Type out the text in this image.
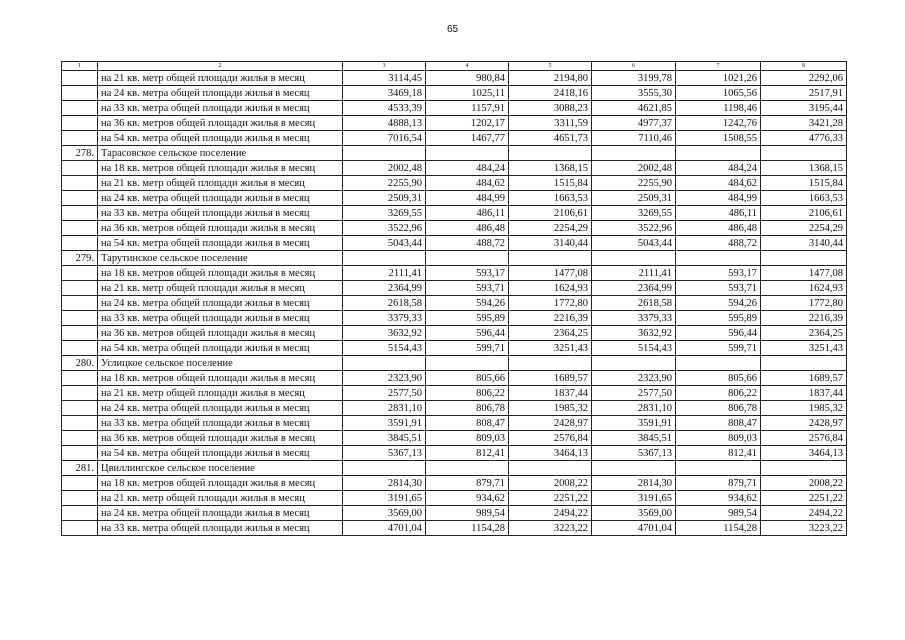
65
1	2	3	4	5	6	7	8
	на 21 кв. метр общей площади жилья в месяц	3114,45	980,84	2194,80	3199,78	1021,26	2292,06
	на 24 кв. метра общей площади жилья в месяц	3469,18	1025,11	2418,16	3555,30	1065,56	2517,91
	на 33 кв. метра общей площади жилья в месяц	4533,39	1157,91	3088,23	4621,85	1198,46	3195,44
	на 36 кв. метров общей площади жилья в месяц	4888,13	1202,17	3311,59	4977,37	1242,76	3421,28
	на 54 кв. метра общей площади жилья в месяц	7016,54	1467,77	4651,73	7110,46	1508,55	4776,33
278.	Тарасовское сельское поселение						
	на 18 кв. метров общей площади жилья в месяц	2002,48	484,24	1368,15	2002,48	484,24	1368,15
	на 21 кв. метр общей площади жилья в месяц	2255,90	484,62	1515,84	2255,90	484,62	1515,84
	на 24 кв. метра общей площади жилья в месяц	2509,31	484,99	1663,53	2509,31	484,99	1663,53
	на 33 кв. метра общей площади жилья в месяц	3269,55	486,11	2106,61	3269,55	486,11	2106,61
	на 36 кв. метров общей площади жилья в месяц	3522,96	486,48	2254,29	3522,96	486,48	2254,29
	на 54 кв. метра общей площади жилья в месяц	5043,44	488,72	3140,44	5043,44	488,72	3140,44
279.	Тарутинское сельское поселение						
	на 18 кв. метров общей площади жилья в месяц	2111,41	593,17	1477,08	2111,41	593,17	1477,08
	на 21 кв. метр общей площади жилья в месяц	2364,99	593,71	1624,93	2364,99	593,71	1624,93
	на 24 кв. метра общей площади жилья в месяц	2618,58	594,26	1772,80	2618,58	594,26	1772,80
	на 33 кв. метра общей площади жилья в месяц	3379,33	595,89	2216,39	3379,33	595,89	2216,39
	на 36 кв. метров общей площади жилья в месяц	3632,92	596,44	2364,25	3632,92	596,44	2364,25
	на 54 кв. метра общей площади жилья в месяц	5154,43	599,71	3251,43	5154,43	599,71	3251,43
280.	Углицкое сельское поселение						
	на 18 кв. метров общей площади жилья в месяц	2323,90	805,66	1689,57	2323,90	805,66	1689,57
	на 21 кв. метр общей площади жилья в месяц	2577,50	806,22	1837,44	2577,50	806,22	1837,44
	на 24 кв. метра общей площади жилья в месяц	2831,10	806,78	1985,32	2831,10	806,78	1985,32
	на 33 кв. метра общей площади жилья в месяц	3591,91	808,47	2428,97	3591,91	808,47	2428,97
	на 36 кв. метров общей площади жилья в месяц	3845,51	809,03	2576,84	3845,51	809,03	2576,84
	на 54 кв. метра общей площади жилья в месяц	5367,13	812,41	3464,13	5367,13	812,41	3464,13
281.	Цвиллингское сельское поселение						
	на 18 кв. метров общей площади жилья в месяц	2814,30	879,71	2008,22	2814,30	879,71	2008,22
	на 21 кв. метр общей площади жилья в месяц	3191,65	934,62	2251,22	3191,65	934,62	2251,22
	на 24 кв. метра общей площади жилья в месяц	3569,00	989,54	2494,22	3569,00	989,54	2494,22
	на 33 кв. метра общей площади жилья в месяц	4701,04	1154,28	3223,22	4701,04	1154,28	3223,22
